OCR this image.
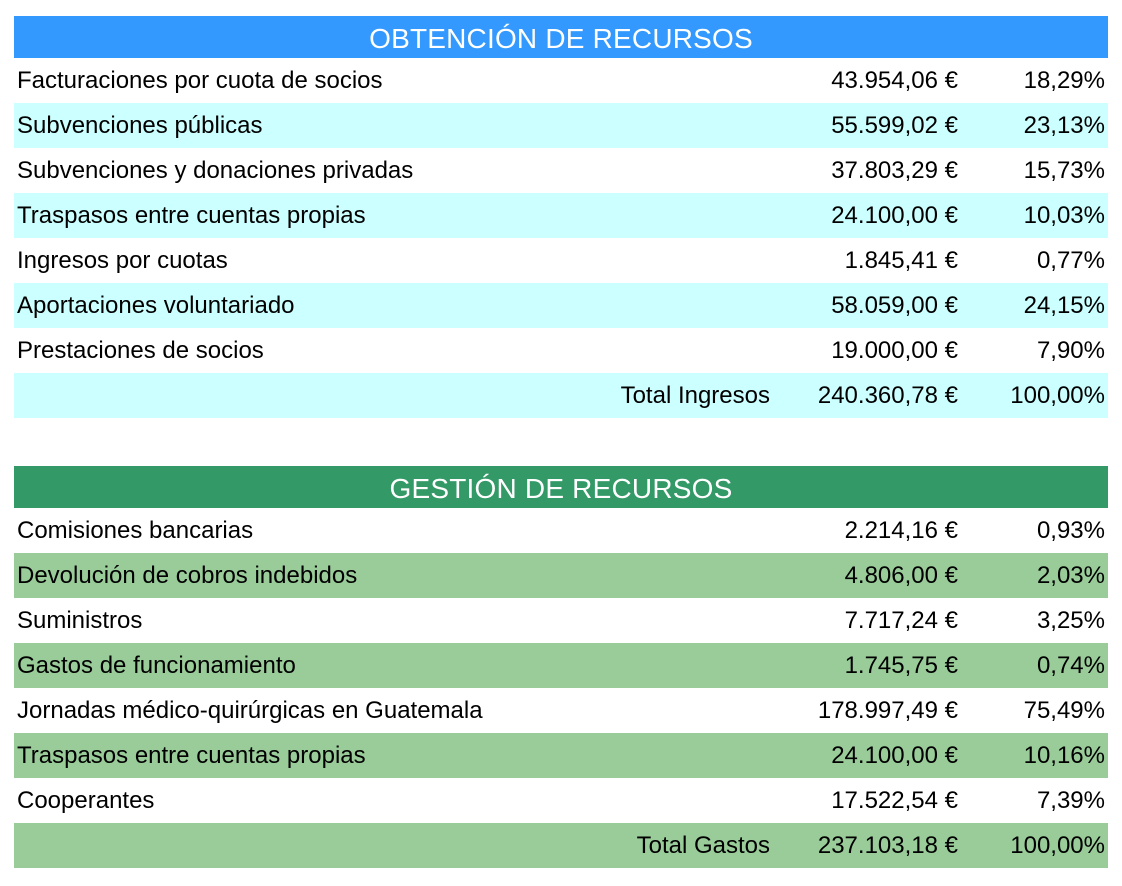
OBTENCIÓN DE RECURSOS
Facturaciones por cuota de socios	43.954,06 €	18,29%
Subvenciones públicas	55.599,02 €	23,13%
Subvenciones y donaciones privadas	37.803,29 €	15,73%
Traspasos entre cuentas propias	24.100,00 €	10,03%
Ingresos por cuotas	1.845,41 €	0,77%
Aportaciones voluntariado	58.059,00 €	24,15%
Prestaciones de socios	19.000,00 €	7,90%
Total Ingresos 240.360,78 € 100,00%
GESTIÓN DE RECURSOS
Comisiones bancarias	2.214,16 €	0,93%
Devolución de cobros indebidos	4.806,00 €	2,03%
Suministros	7.717,24 €	3,25%
Gastos de funcionamiento	1.745,75 €	0,74%
Jornadas médico-quirúrgicas en Guatemala	178.997,49 €	75,49%
Traspasos entre cuentas propias	24.100,00 €	10,16%
Cooperantes	17.522,54 €	7,39%
Total Gastos 237.103,18 € 100,00%
